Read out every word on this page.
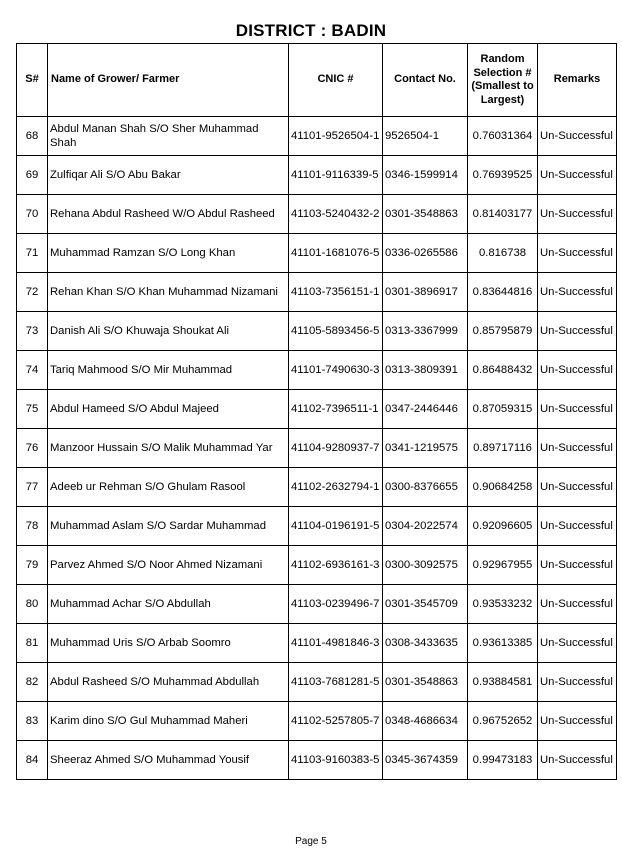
DISTRICT : BADIN
S#	Name of Grower/ Farmer	CNIC #	Contact No.	Random Selection # (Smallest to Largest)	Remarks
68	Abdul Manan Shah S/O Sher Muhammad Shah	41101-9526504-1	9526504-1	0.76031364	Un-Successful
69	Zulfiqar Ali S/O Abu Bakar	41101-9116339-5	0346-1599914	0.76939525	Un-Successful
70	Rehana Abdul Rasheed W/O Abdul Rasheed	41103-5240432-2	0301-3548863	0.81403177	Un-Successful
71	Muhammad Ramzan S/O Long Khan	41101-1681076-5	0336-0265586	0.816738	Un-Successful
72	Rehan Khan S/O Khan Muhammad Nizamani	41103-7356151-1	0301-3896917	0.83644816	Un-Successful
73	Danish Ali S/O Khuwaja Shoukat Ali	41105-5893456-5	0313-3367999	0.85795879	Un-Successful
74	Tariq Mahmood S/O Mir Muhammad	41101-7490630-3	0313-3809391	0.86488432	Un-Successful
75	Abdul Hameed S/O Abdul Majeed	41102-7396511-1	0347-2446446	0.87059315	Un-Successful
76	Manzoor Hussain S/O Malik Muhammad Yar	41104-9280937-7	0341-1219575	0.89717116	Un-Successful
77	Adeeb ur Rehman S/O Ghulam Rasool	41102-2632794-1	0300-8376655	0.90684258	Un-Successful
78	Muhammad Aslam S/O Sardar Muhammad	41104-0196191-5	0304-2022574	0.92096605	Un-Successful
79	Parvez Ahmed S/O Noor Ahmed Nizamani	41102-6936161-3	0300-3092575	0.92967955	Un-Successful
80	Muhammad Achar S/O Abdullah	41103-0239496-7	0301-3545709	0.93533232	Un-Successful
81	Muhammad Uris S/O Arbab Soomro	41101-4981846-3	0308-3433635	0.93613385	Un-Successful
82	Abdul Rasheed S/O Muhammad Abdullah	41103-7681281-5	0301-3548863	0.93884581	Un-Successful
83	Karim dino S/O Gul Muhammad Maheri	41102-5257805-7	0348-4686634	0.96752652	Un-Successful
84	Sheeraz Ahmed S/O Muhammad Yousif	41103-9160383-5	0345-3674359	0.99473183	Un-Successful
Page 5
